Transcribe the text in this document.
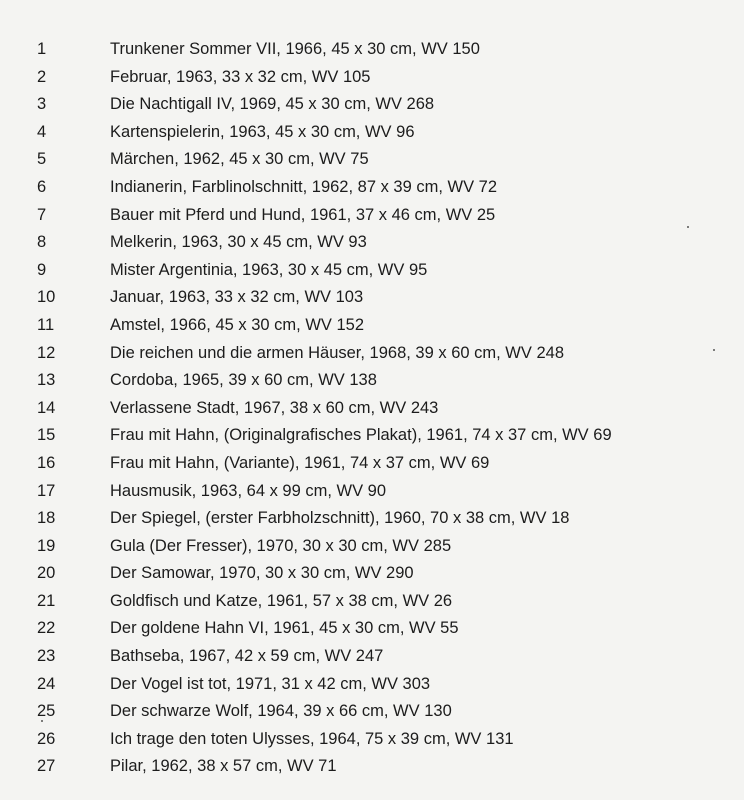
1	Trunkener Sommer VII, 1966, 45 x 30 cm, WV 150
2	Februar, 1963, 33 x 32 cm, WV 105
3	Die Nachtigall IV, 1969, 45 x 30 cm, WV 268
4	Kartenspielerin, 1963, 45 x 30 cm, WV 96
5	Märchen, 1962, 45 x 30 cm, WV 75
6	Indianerin, Farblinolschnitt, 1962, 87 x 39 cm, WV 72
7	Bauer mit Pferd und Hund, 1961, 37 x 46 cm, WV 25
8	Melkerin, 1963, 30 x 45 cm, WV 93
9	Mister Argentinia, 1963, 30 x 45 cm, WV 95
10	Januar, 1963, 33 x 32 cm, WV 103
11	Amstel, 1966, 45 x 30 cm, WV 152
12	Die reichen und die armen Häuser, 1968, 39 x 60 cm, WV 248
13	Cordoba, 1965, 39 x 60 cm, WV 138
14	Verlassene Stadt, 1967, 38 x 60 cm, WV 243
15	Frau mit Hahn, (Originalgrafisches Plakat), 1961, 74 x 37 cm, WV 69
16	Frau mit Hahn, (Variante), 1961, 74 x 37 cm, WV 69
17	Hausmusik, 1963, 64 x 99 cm, WV 90
18	Der Spiegel, (erster Farbholzschnitt), 1960, 70 x 38 cm, WV 18
19	Gula (Der Fresser), 1970, 30 x 30 cm, WV 285
20	Der Samowar, 1970, 30 x 30 cm, WV 290
21	Goldfisch und Katze, 1961, 57 x 38 cm, WV 26
22	Der goldene Hahn VI, 1961, 45 x 30 cm, WV 55
23	Bathseba, 1967, 42 x 59 cm, WV 247
24	Der Vogel ist tot, 1971, 31 x 42 cm, WV 303
25	Der schwarze Wolf, 1964, 39 x 66 cm, WV 130
26	Ich trage den toten Ulysses, 1964, 75 x 39 cm, WV 131
27	Pilar, 1962, 38 x 57 cm, WV 71
